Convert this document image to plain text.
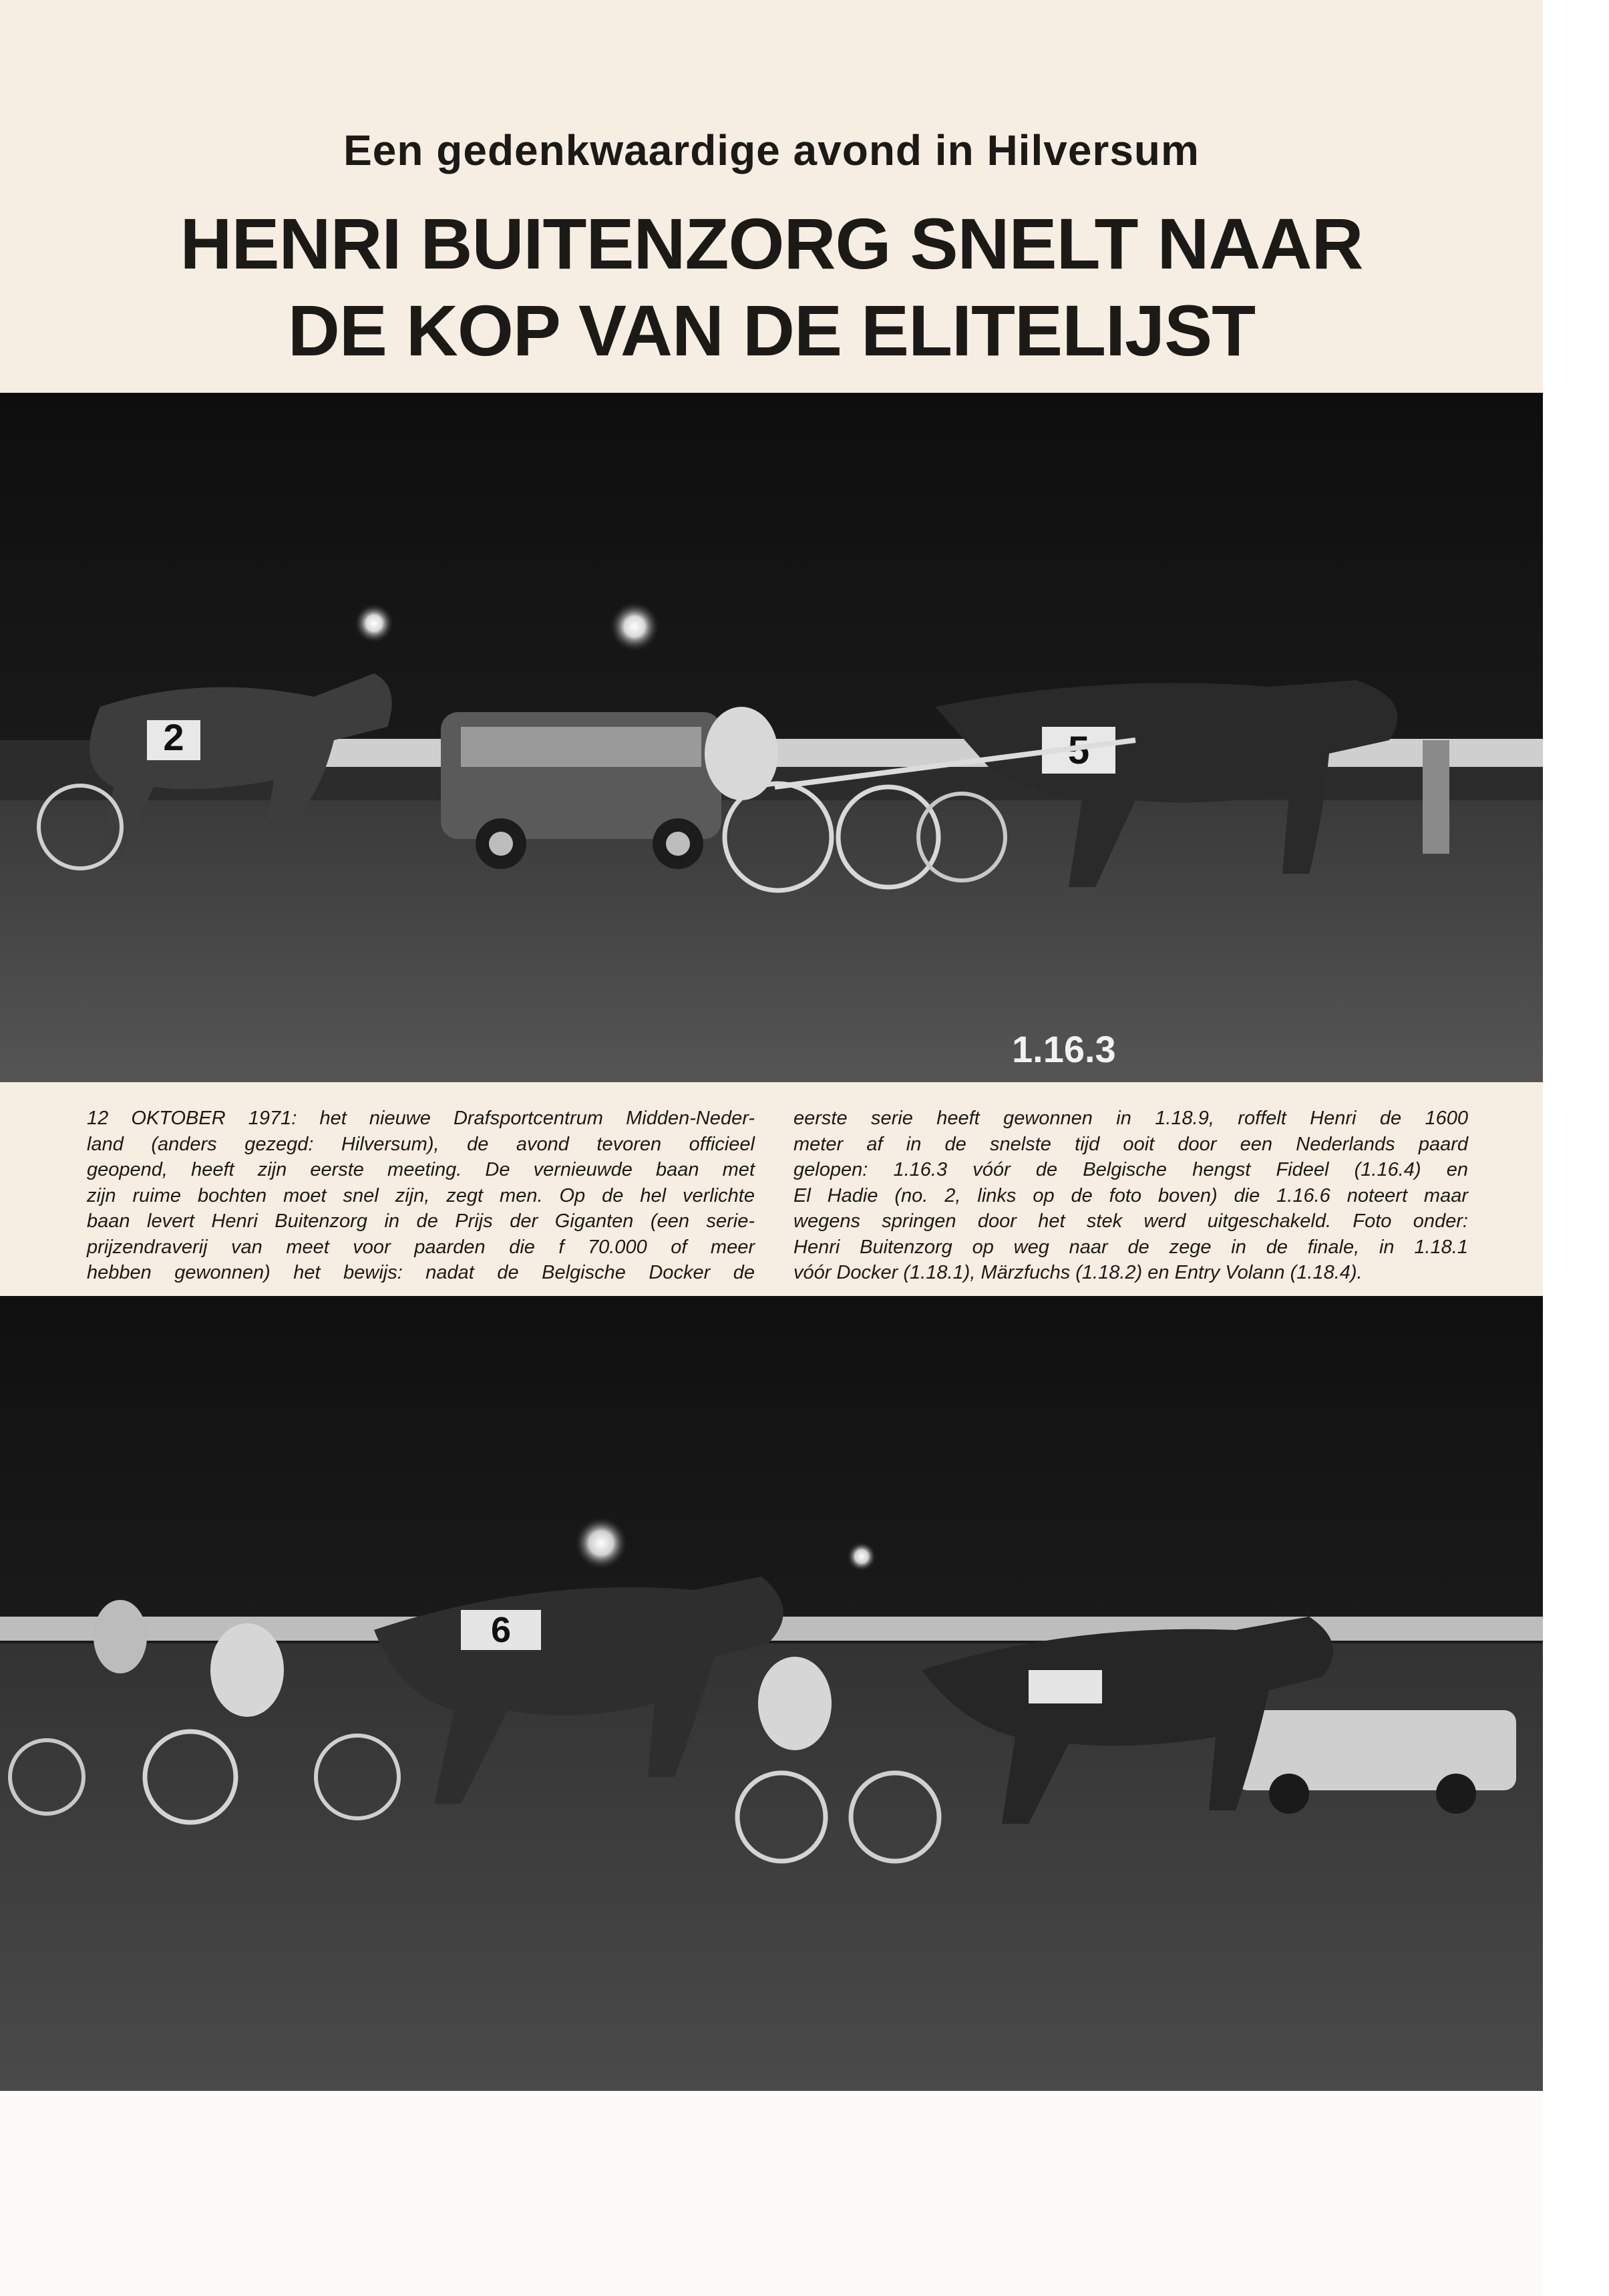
Een gedenkwaardige avond in Hilversum
HENRI BUITENZORG SNELT NAAR
DE KOP VAN DE ELITELIJST
2	5
1.16.3
12 OKTOBER 1971: het nieuwe Drafsportcentrum Midden-Neder-
land (anders gezegd: Hilversum), de avond tevoren officieel
geopend, heeft zijn eerste meeting. De vernieuwde baan met
zijn ruime bochten moet snel zijn, zegt men. Op de hel verlichte
baan levert Henri Buitenzorg in de Prijs der Giganten (een serie-
prijzendraverij van meet voor paarden die f 70.000 of meer
hebben gewonnen) het bewijs: nadat de Belgische Docker de
eerste serie heeft gewonnen in 1.18.9, roffelt Henri de 1600
meter af in de snelste tijd ooit door een Nederlands paard
gelopen: 1.16.3 vóór de Belgische hengst Fideel (1.16.4) en
El Hadie (no. 2, links op de foto boven) die 1.16.6 noteert maar
wegens springen door het stek werd uitgeschakeld. Foto onder:
Henri Buitenzorg op weg naar de zege in de finale, in 1.18.1
vóór Docker (1.18.1), Märzfuchs (1.18.2) en Entry Volann (1.18.4).
6
